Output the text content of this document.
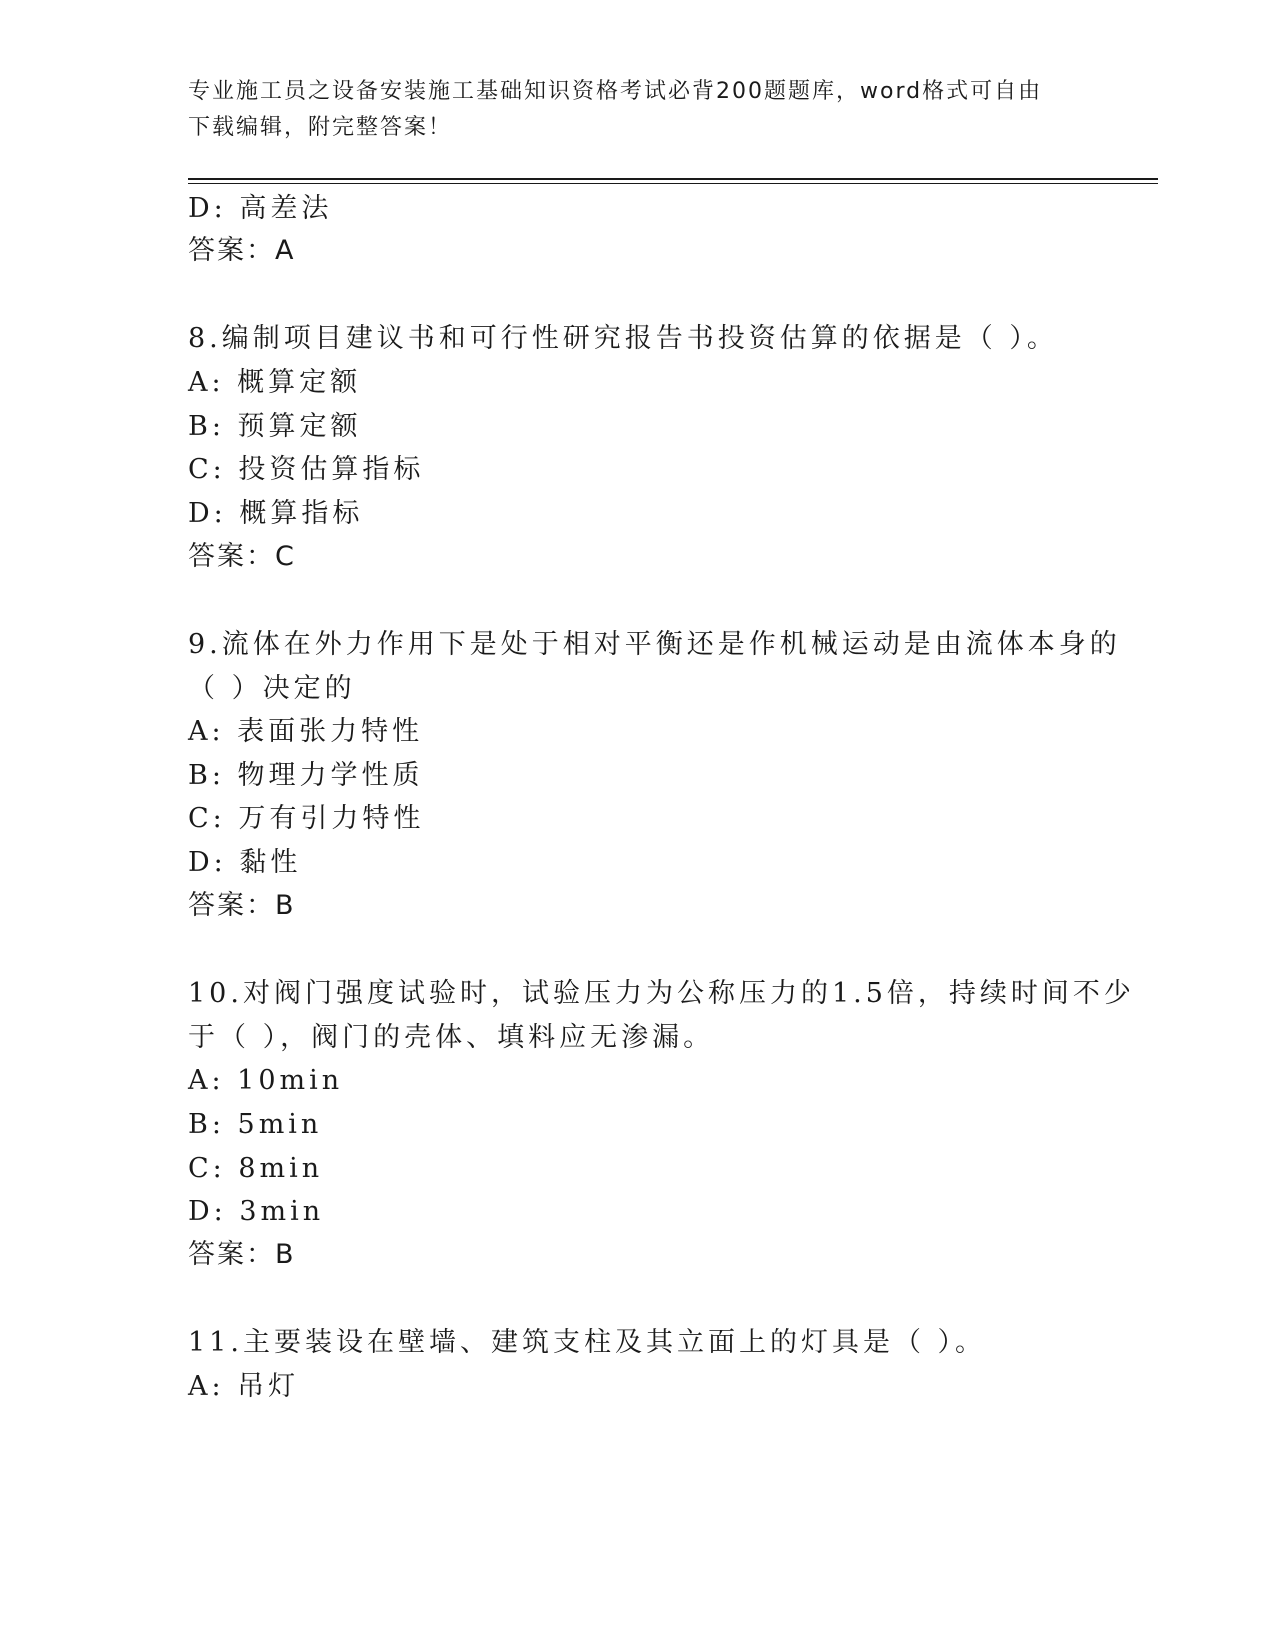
专业施工员之设备安装施工基础知识资格考试必背200题题库，word格式可自由
下载编辑，附完整答案！
D: 高差法
答案：A
8.编制项目建议书和可行性研究报告书投资估算的依据是（ ）。
A: 概算定额
B: 预算定额
C: 投资估算指标
D: 概算指标
答案：C
9.流体在外力作用下是处于相对平衡还是作机械运动是由流体本身的
（ ）决定的
A: 表面张力特性
B: 物理力学性质
C: 万有引力特性
D: 黏性
答案：B
10.对阀门强度试验时，试验压力为公称压力的1.5倍，持续时间不少
于（ ），阀门的壳体、填料应无渗漏。
A: 10min
B: 5min
C: 8min
D: 3min
答案：B
11.主要装设在壁墙、建筑支柱及其立面上的灯具是（ ）。
A: 吊灯
